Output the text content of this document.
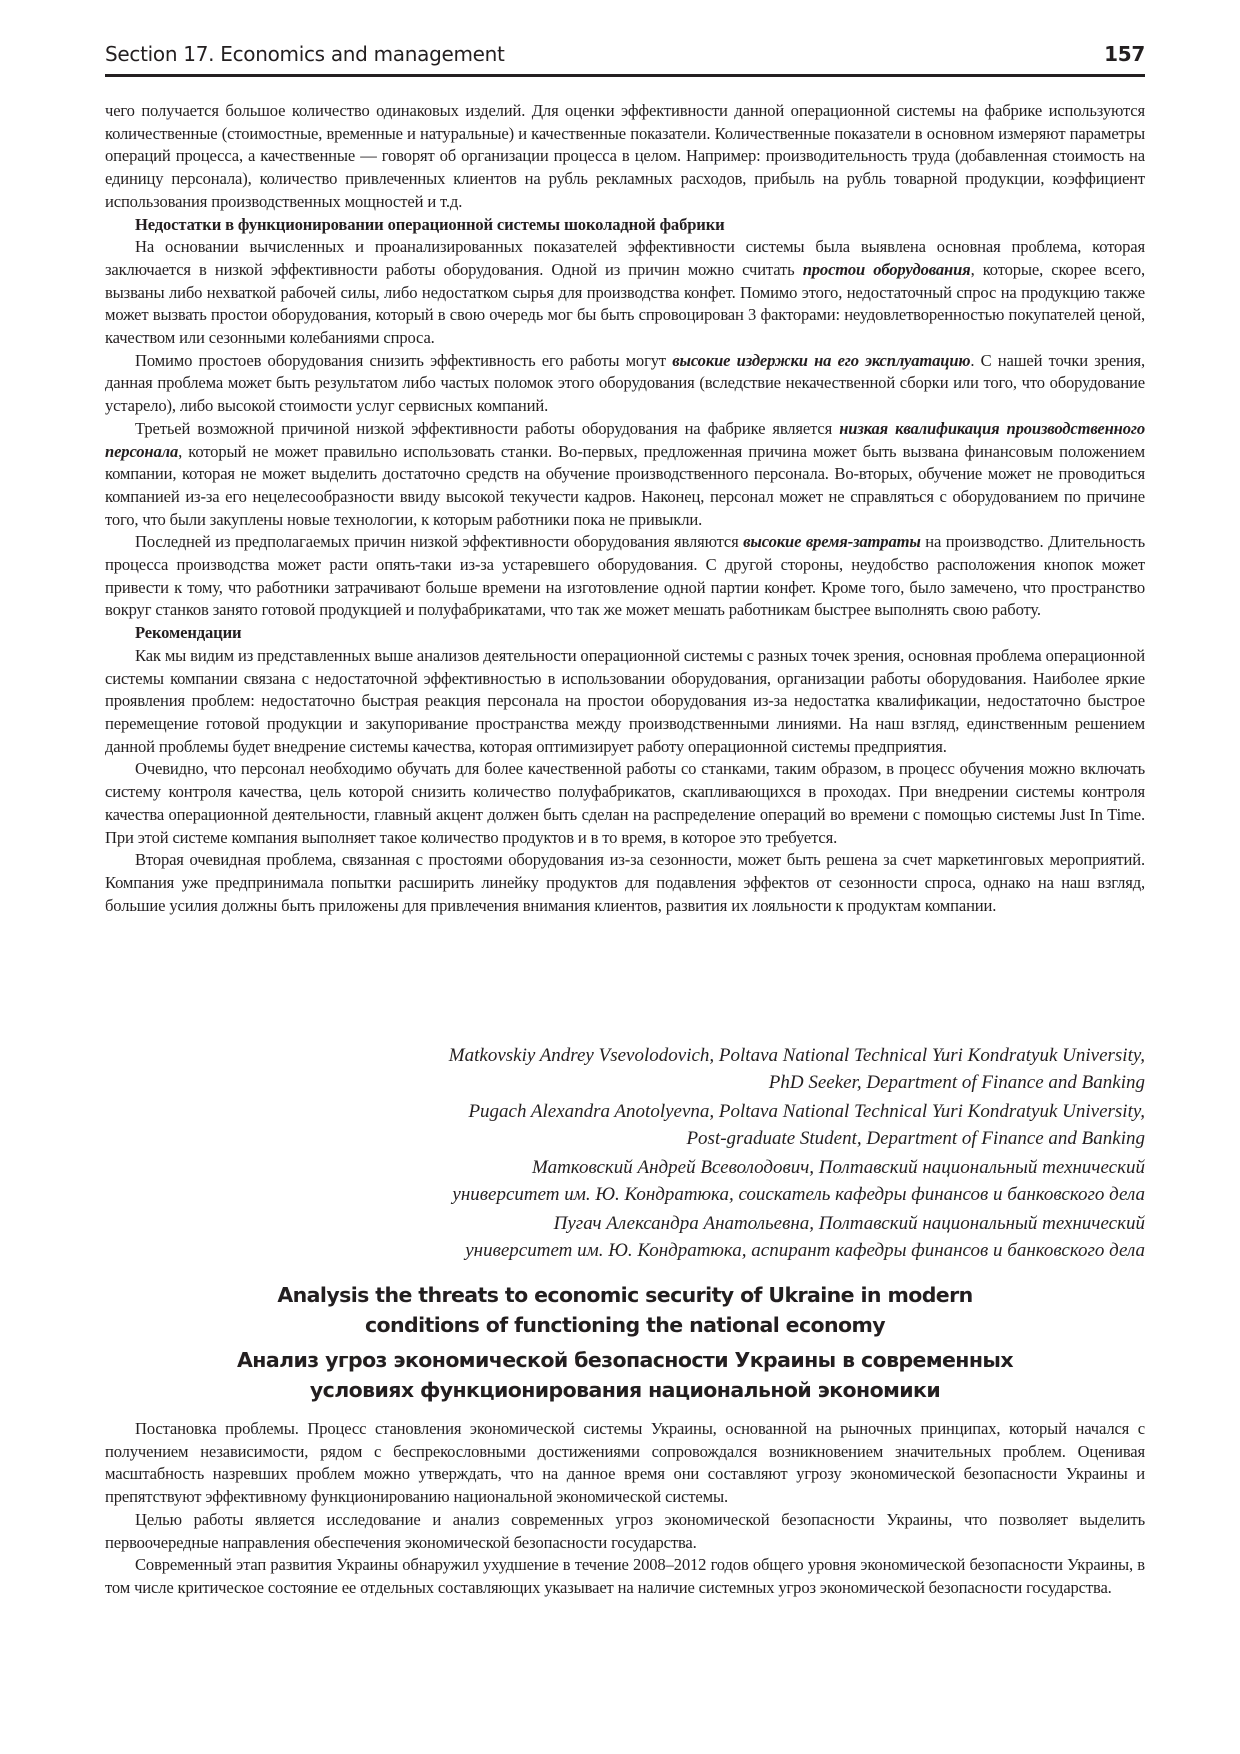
Section 17. Economics and management	157

чего получается большое количество одинаковых изделий. Для оценки эффективности данной операционной системы на фабрике используются количественные (стоимостные, временные и натуральные) и качественные показатели. Количественные показатели в основном измеряют параметры операций процесса, а качественные — говорят об организации процесса в целом. Например: производительность труда (добавленная стоимость на единицу персонала), количество привлеченных клиентов на рубль рекламных расходов, прибыль на рубль товарной продукции, коэффициент использования производственных мощностей и т.д.

Недостатки в функционировании операционной системы шоколадной фабрики

На основании вычисленных и проанализированных показателей эффективности системы была выявлена основная проблема, которая заключается в низкой эффективности работы оборудования. Одной из причин можно считать простои оборудования, которые, скорее всего, вызваны либо нехваткой рабочей силы, либо недостатком сырья для производства конфет. Помимо этого, недостаточный спрос на продукцию также может вызвать простои оборудования, который в свою очередь мог бы быть спровоцирован 3 факторами: неудовлетворенностью покупателей ценой, качеством или сезонными колебаниями спроса.

Помимо простоев оборудования снизить эффективность его работы могут высокие издержки на его эксплуатацию. С нашей точки зрения, данная проблема может быть результатом либо частых поломок этого оборудования (вследствие некачественной сборки или того, что оборудование устарело), либо высокой стоимости услуг сервисных компаний.

Третьей возможной причиной низкой эффективности работы оборудования на фабрике является низкая квалификация производственного персонала, который не может правильно использовать станки. Во-первых, предложенная причина может быть вызвана финансовым положением компании, которая не может выделить достаточно средств на обучение производственного персонала. Во-вторых, обучение может не проводиться компанией из-за его нецелесообразности ввиду высокой текучести кадров. Наконец, персонал может не справляться с оборудованием по причине того, что были закуплены новые технологии, к которым работники пока не привыкли.

Последней из предполагаемых причин низкой эффективности оборудования являются высокие время-затраты на производство. Длительность процесса производства может расти опять-таки из-за устаревшего оборудования. С другой стороны, неудобство расположения кнопок может привести к тому, что работники затрачивают больше времени на изготовление одной партии конфет. Кроме того, было замечено, что пространство вокруг станков занято готовой продукцией и полуфабрикатами, что так же может мешать работникам быстрее выполнять свою работу.

Рекомендации

Как мы видим из представленных выше анализов деятельности операционной системы с разных точек зрения, основная проблема операционной системы компании связана с недостаточной эффективностью в использовании оборудования, организации работы оборудования. Наиболее яркие проявления проблем: недостаточно быстрая реакция персонала на простои оборудования из-за недостатка квалификации, недостаточно быстрое перемещение готовой продукции и закупоривание пространства между производственными линиями. На наш взгляд, единственным решением данной проблемы будет внедрение системы качества, которая оптимизирует работу операционной системы предприятия.

Очевидно, что персонал необходимо обучать для более качественной работы со станками, таким образом, в процесс обучения можно включать систему контроля качества, цель которой снизить количество полуфабрикатов, скапливающихся в проходах. При внедрении системы контроля качества операционной деятельности, главный акцент должен быть сделан на распределение операций во времени с помощью системы Just In Time. При этой системе компания выполняет такое количество продуктов и в то время, в которое это требуется.

Вторая очевидная проблема, связанная с простоями оборудования из-за сезонности, может быть решена за счет маркетинговых мероприятий. Компания уже предпринимала попытки расширить линейку продуктов для подавления эффектов от сезонности спроса, однако на наш взгляд, большие усилия должны быть приложены для привлечения внимания клиентов, развития их лояльности к продуктам компании.

Matkovskiy Andrey Vsevolodovich, Poltava National Technical Yuri Kondratyuk University,
PhD Seeker, Department of Finance and Banking
Pugach Alexandra Anotolyevna, Poltava National Technical Yuri Kondratyuk University,
Post-graduate Student, Department of Finance and Banking
Матковский Андрей Всеволодович, Полтавский национальный технический
университет им. Ю. Кондратюка, соискатель кафедры финансов и банковского дела
Пугач Александра Анатольевна, Полтавский национальный технический
университет им. Ю. Кондратюка, аспирант кафедры финансов и банковского дела
Analysis the threats to economic security of Ukraine in modern
conditions of functioning the national economy
Анализ угроз экономической безопасности Украины в современных
условиях функционирования национальной экономики

Постановка проблемы. Процесс становления экономической системы Украины, основанной на рыночных принципах, который начался с получением независимости, рядом с беспрекословными достижениями сопровождался возникновением значительных проблем. Оценивая масштабность назревших проблем можно утверждать, что на данное время они составляют угрозу экономической безопасности Украины и препятствуют эффективному функционированию национальной экономической системы.

Целью работы является исследование и анализ современных угроз экономической безопасности Украины, что позволяет выделить первоочередные направления обеспечения экономической безопасности государства.

Современный этап развития Украины обнаружил ухудшение в течение 2008–2012 годов общего уровня экономической безопасности Украины, в том числе критическое состояние ее отдельных составляющих указывает на наличие системных угроз экономической безопасности государства.
